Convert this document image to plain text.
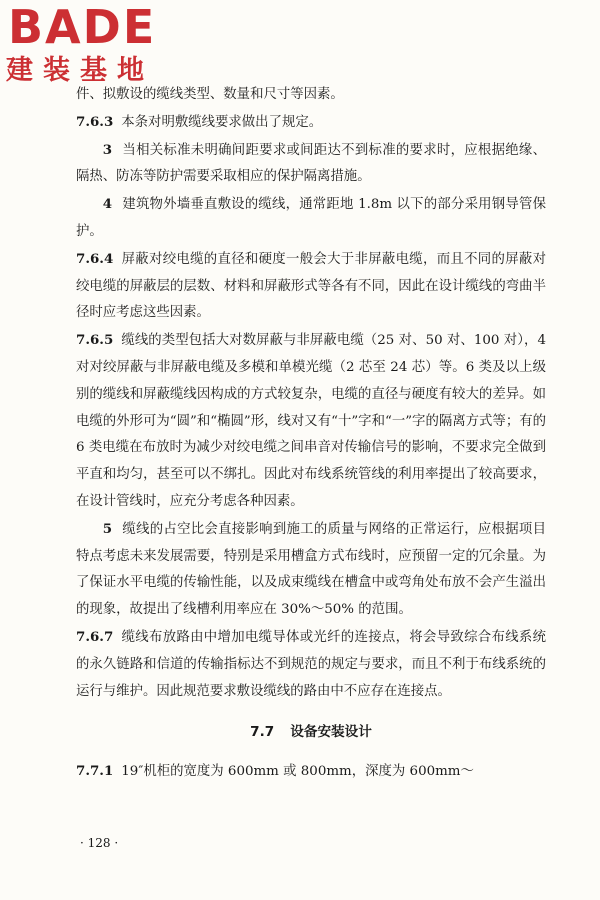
BADE
建装基地

件、拟敷设的缆线类型、数量和尺寸等因素。

7.6.3 本条对明敷缆线要求做出了规定。

3 当相关标准未明确间距要求或间距达不到标准的要求时，应根据绝缘、隔热、防冻等防护需要采取相应的保护隔离措施。

4 建筑物外墙垂直敷设的缆线，通常距地 1.8m 以下的部分采用钢导管保护。

7.6.4 屏蔽对绞电缆的直径和硬度一般会大于非屏蔽电缆，而且不同的屏蔽对绞电缆的屏蔽层的层数、材料和屏蔽形式等各有不同，因此在设计缆线的弯曲半径时应考虑这些因素。

7.6.5 缆线的类型包括大对数屏蔽与非屏蔽电缆（25 对、50 对、100 对），4 对对绞屏蔽与非屏蔽电缆及多模和单模光缆（2 芯至 24 芯）等。6 类及以上级别的缆线和屏蔽缆线因构成的方式较复杂，电缆的直径与硬度有较大的差异。如电缆的外形可为“圆”和“椭圆”形，线对又有“十”字和“一”字的隔离方式等；有的 6 类电缆在布放时为减少对绞电缆之间串音对传输信号的影响，不要求完全做到平直和均匀，甚至可以不绑扎。因此对布线系统管线的利用率提出了较高要求，在设计管线时，应充分考虑各种因素。

5 缆线的占空比会直接影响到施工的质量与网络的正常运行，应根据项目特点考虑未来发展需要，特别是采用槽盒方式布线时，应预留一定的冗余量。为了保证水平电缆的传输性能，以及成束缆线在槽盒中或弯角处布放不会产生溢出的现象，故提出了线槽利用率应在 30%～50% 的范围。

7.6.7 缆线布放路由中增加电缆导体或光纤的连接点，将会导致综合布线系统的永久链路和信道的传输指标达不到规范的规定与要求，而且不利于布线系统的运行与维护。因此规范要求敷设缆线的路由中不应存在连接点。

7.7 设备安装设计

7.7.1 19″机柜的宽度为 600mm 或 800mm，深度为 600mm～

· 128 ·
